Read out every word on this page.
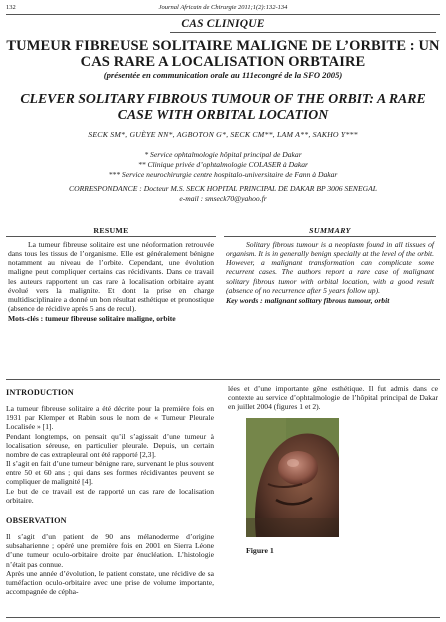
132	Journal Africain de Chirurgie 2011;1(2):132-134
CAS CLINIQUE
TUMEUR FIBREUSE SOLITAIRE MALIGNE DE L’ORBITE : UN CAS RARE A LOCALISATION ORBTAIRE
(présentée en communication orale au 111econgré de la SFO 2005)
CLEVER SOLITARY FIBROUS TUMOUR OF THE ORBIT: A RARE CASE WITH ORBITAL LOCATION
SECK SM*, GUÈYE NN*, AGBOTON G*, SECK CM**, LAM A**, SAKHO Y***
* Service ophtalmologie hôpital principal de Dakar
** Clinique privée d’ophtalmologie COLASER à Dakar
*** Service neurochirurgie centre hospitalo-universitaire de Fann à Dakar
CORRESPONDANCE : Docteur M.S. SECK HOPITAL PRINCIPAL DE DAKAR BP 3006 SENEGAL
e-mail : smseck70@yahoo.fr
RESUME	SUMMARY

La tumeur fibreuse solitaire est une néoformation retrouvée dans tous les tissus de l’organisme. Elle est généralement bénigne notamment au niveau de l’orbite. Cependant, une évolution maligne peut compliquer certains cas récidivants. Dans ce travail les auteurs rapportent un cas rare à localisation orbitaire ayant évolué vers la malignite. Et dont la prise en charge multidisciplinaire a donné un bon résultat esthétique et pronostique (absence de récidive après 5 ans de recul).

Mots-clés : tumeur fibreuse solitaire maligne, orbite

Solitary fibrous tumour is a neoplasm found in all tissues of organism. It is in generally benign specially at the level of the orbit. However, a malignant transformation can complicate some recurrent cases. The authors report a rare case of malignant solitary fibrous tumor with orbital location, with a good result (absence of no recurrence after 5 years follow up).

Key words : malignant solitary fibrous tumour, orbit

INTRODUCTION

La tumeur fibreuse solitaire a été décrite pour la première fois en 1931 par Klemper et Rabin sous le nom de « Tumeur Pleurale Localisée » [1].

Pendant longtemps, on pensait qu’il s’agissait d’une tumeur à localisation séreuse, en particulier pleurale. Depuis, un certain nombre de cas extrapleural ont été rapporté [2,3].

Il s’agit en fait d’une tumeur bénigne rare, survenant le plus souvent entre 50 et 60 ans ; qui dans ses formes récidivantes peuvent se compliquer de malignité [4].

Le but de ce travail est de rapporté un cas rare de localisation orbitaire.

OBSERVATION

Il s’agit d’un patient de 90 ans mélanoderme d’origine subsaharienne ; opéré une première fois en 2001 en Sierra Léone d’une tumeur oculo-orbitaire droite par énucléation. L’histologie n’était pas connue.

Après une année d’évolution, le patient constate, une récidive de sa tuméfaction oculo-orbitaire avec une prise de volume importante, accompagnée de cépha-

lées et d’une importante gêne esthétique. Il fut admis dans ce contexte au service d’ophtalmologie de l’hôpital principal de Dakar en juillet 2004 (figures 1 et 2).

Figure 1
